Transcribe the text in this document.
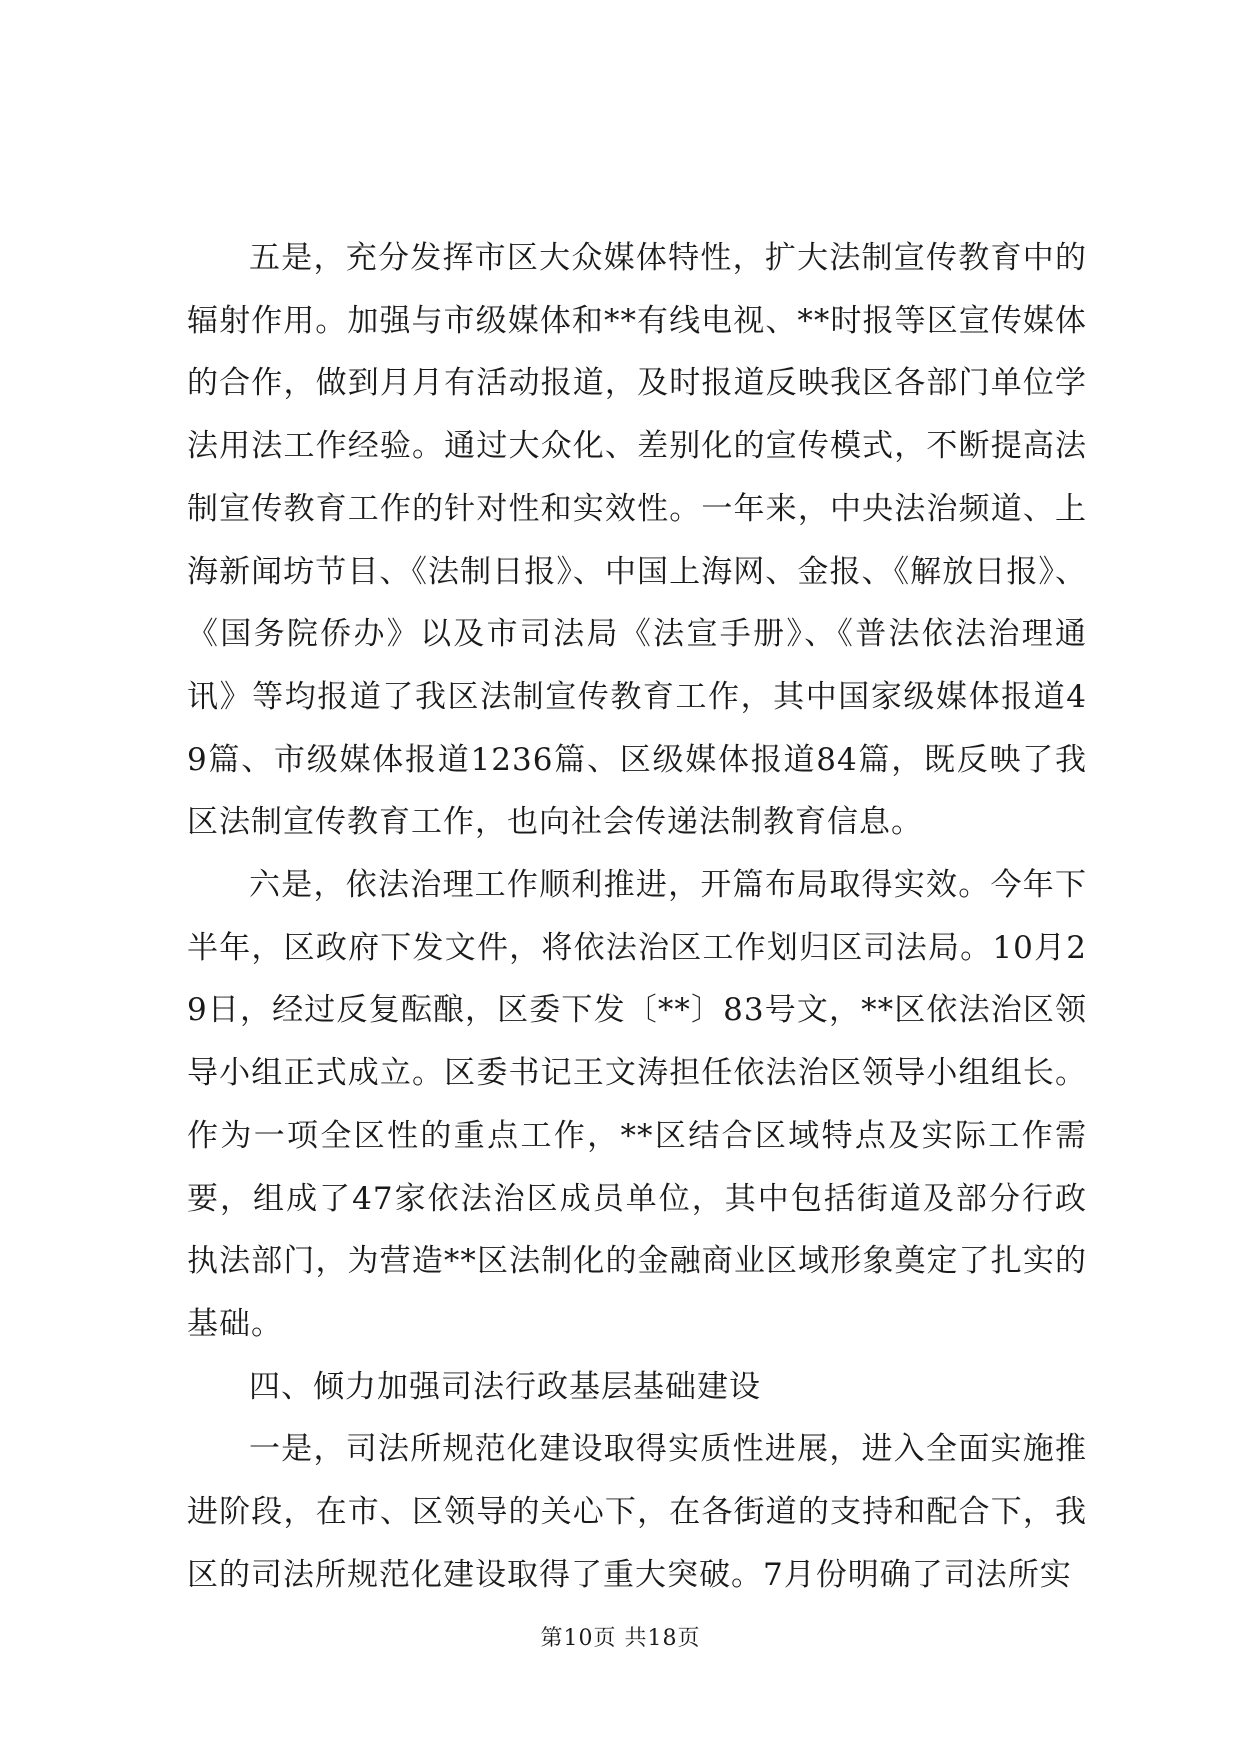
五是，充分发挥市区大众媒体特性，扩大法制宣传教育中的辐射作用。加强与市级媒体和**有线电视、**时报等区宣传媒体的合作，做到月月有活动报道，及时报道反映我区各部门单位学法用法工作经验。通过大众化、差别化的宣传模式，不断提高法制宣传教育工作的针对性和实效性。一年来，中央法治频道、上海新闻坊节目、《法制日报》、中国上海网、金报、《解放日报》、《国务院侨办》以及市司法局《法宣手册》、《普法依法治理通讯》等均报道了我区法制宣传教育工作，其中国家级媒体报道49篇、市级媒体报道1236篇、区级媒体报道84篇，既反映了我区法制宣传教育工作，也向社会传递法制教育信息。

六是，依法治理工作顺利推进，开篇布局取得实效。今年下半年，区政府下发文件，将依法治区工作划归区司法局。10月29日，经过反复酝酿，区委下发〔**〕83号文，**区依法治区领导小组正式成立。区委书记王文涛担任依法治区领导小组组长。作为一项全区性的重点工作，**区结合区域特点及实际工作需要，组成了47家依法治区成员单位，其中包括街道及部分行政执法部门，为营造**区法制化的金融商业区域形象奠定了扎实的基础。

四、倾力加强司法行政基层基础建设

一是，司法所规范化建设取得实质性进展，进入全面实施推进阶段，在市、区领导的关心下，在各街道的支持和配合下，我区的司法所规范化建设取得了重大突破。7月份明确了司法所实

第10页 共18页
